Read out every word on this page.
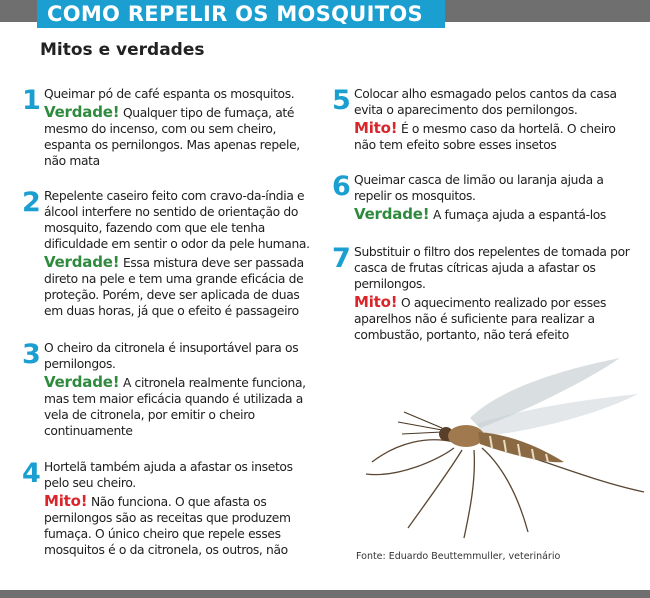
COMO REPELIR OS MOSQUITOS
Mitos e verdades
1 Queimar pó de café espanta os mosquitos.

Verdade! Qualquer tipo de fumaça, até mesmo do incenso, com ou sem cheiro, espanta os pernilongos. Mas apenas repele, não mata

2 Repelente caseiro feito com cravo-da-índia e álcool interfere no sentido de orientação do mosquito, fazendo com que ele tenha dificuldade em sentir o odor da pele humana.

Verdade! Essa mistura deve ser passada direto na pele e tem uma grande eficácia de proteção. Porém, deve ser aplicada de duas em duas horas, já que o efeito é passageiro

3 O cheiro da citronela é insuportável para os pernilongos.

Verdade! A citronela realmente funciona, mas tem maior eficácia quando é utilizada a vela de citronela, por emitir o cheiro continuamente

4 Hortelã também ajuda a afastar os insetos pelo seu cheiro.

Mito! Não funciona. O que afasta os pernilongos são as receitas que produzem fumaça. O único cheiro que repele esses mosquitos é o da citronela, os outros, não

5 Colocar alho esmagado pelos cantos da casa evita o aparecimento dos pernilongos.

Mito! É o mesmo caso da hortelã. O cheiro não tem efeito sobre esses insetos

6 Queimar casca de limão ou laranja ajuda a repelir os mosquitos.

Verdade! A fumaça ajuda a espantá-los

7 Substituir o filtro dos repelentes de tomada por casca de frutas cítricas ajuda a afastar os pernilongos.

Mito! O aquecimento realizado por esses aparelhos não é suficiente para realizar a combustão, portanto, não terá efeito

Fonte: Eduardo Beuttemmuller, veterinário
